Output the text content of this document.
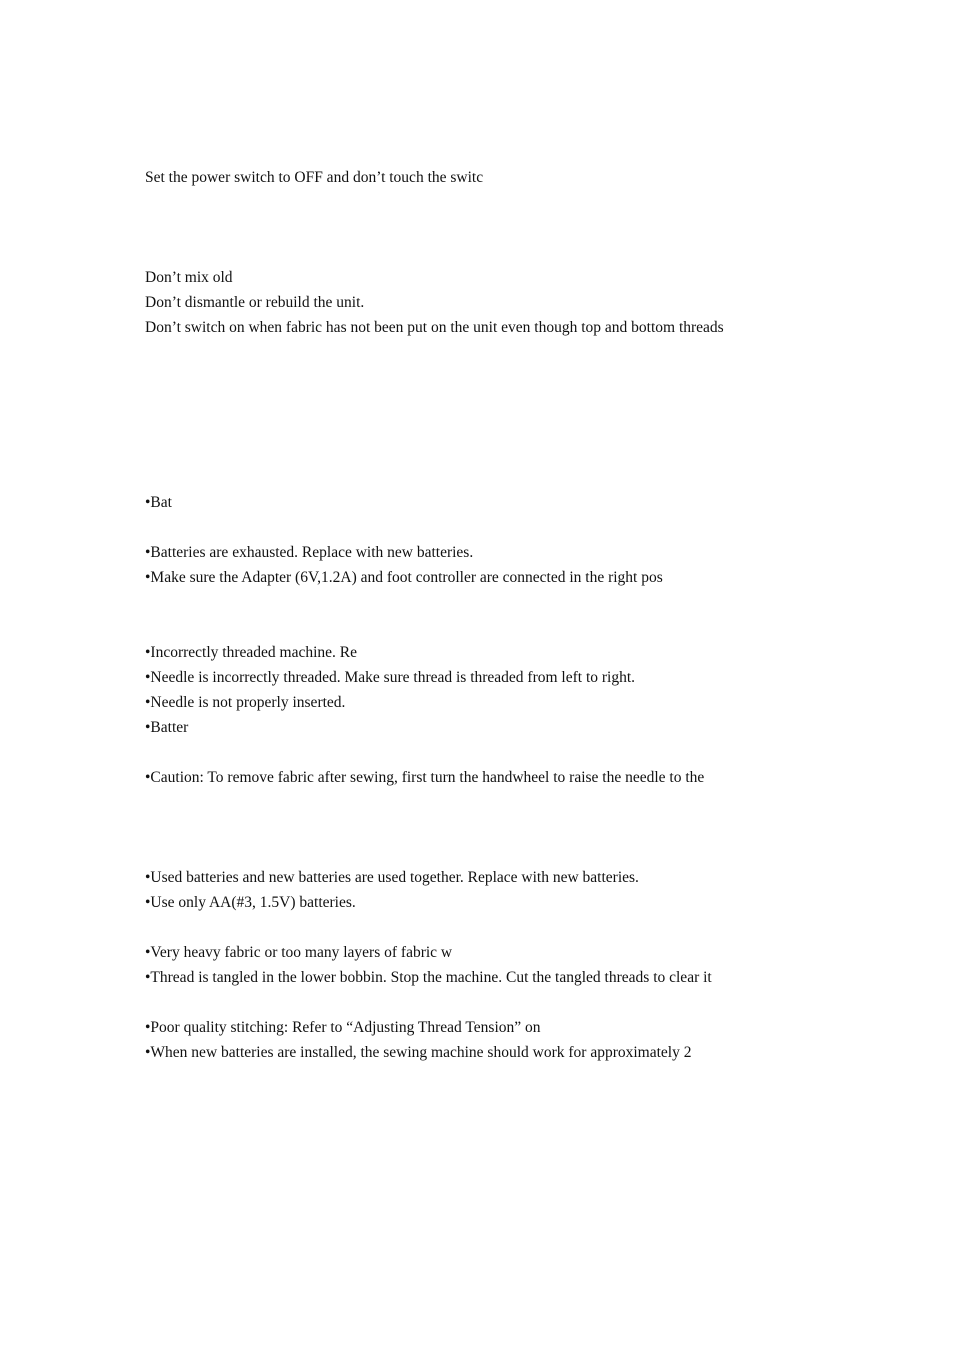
Set the power switch to OFF and don’t touch the switc
Don’t mix old
Don’t dismantle or rebuild the unit.
Don’t switch on when fabric has not been put on the unit even though top and bottom threads
•Bat
•Batteries are exhausted. Replace with new batteries.
•Make sure the Adapter (6V,1.2A) and foot controller are connected in the right pos
•Incorrectly threaded machine. Re
•Needle is incorrectly threaded. Make sure thread is threaded from left to right.
•Needle is not properly inserted.
•Batter
•Caution: To remove fabric after sewing, first turn the handwheel to raise the needle to the
•Used batteries and new batteries are used together. Replace with new batteries.
•Use only AA(#3, 1.5V) batteries.
•Very heavy fabric or too many layers of fabric w
•Thread is tangled in the lower bobbin. Stop the machine. Cut the tangled threads to clear it
•Poor quality stitching: Refer to “Adjusting Thread Tension” on
•When new batteries are installed, the sewing machine should work for approximately 2
